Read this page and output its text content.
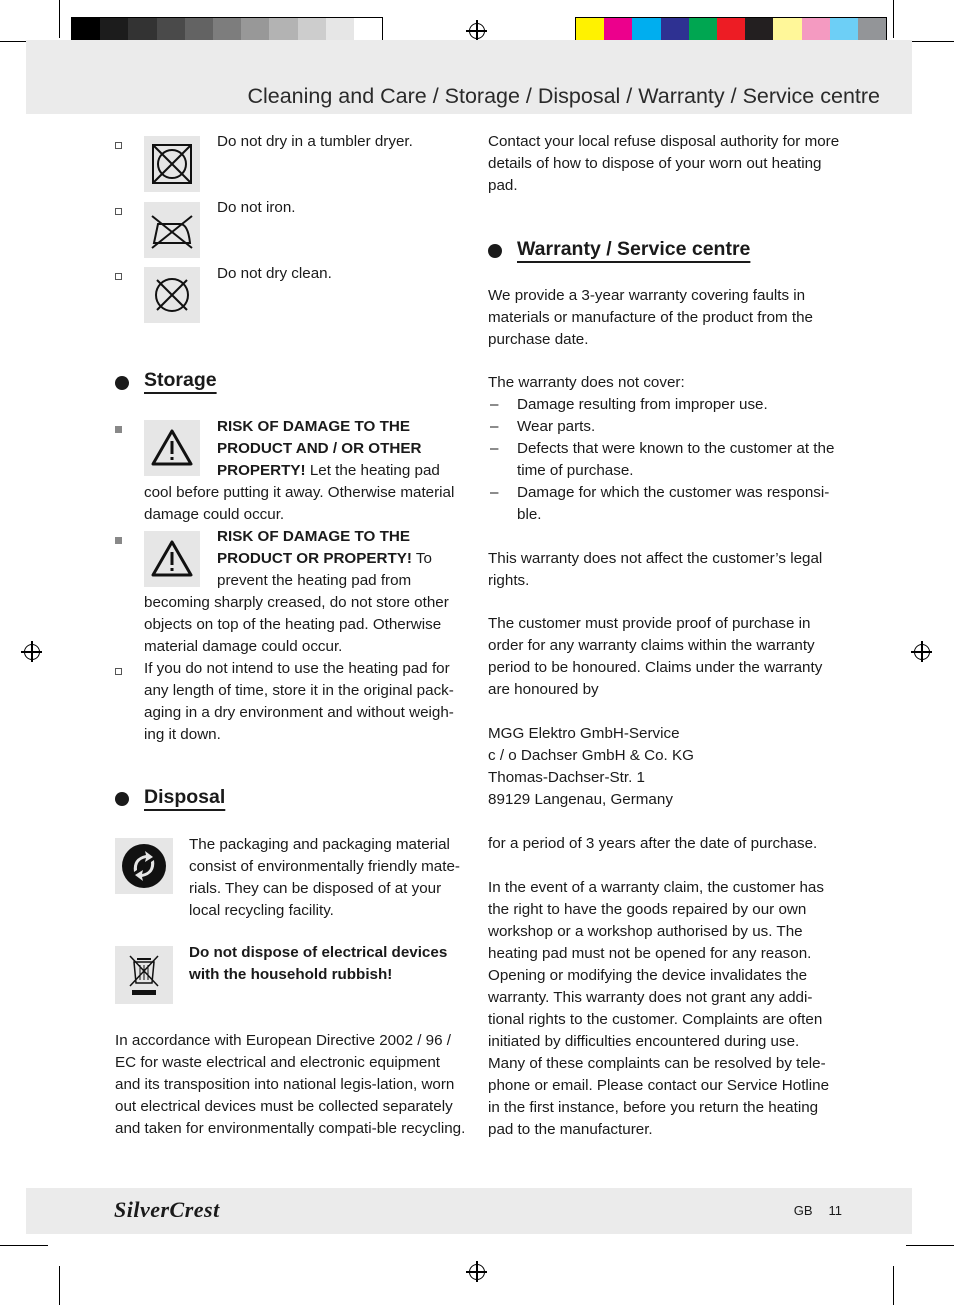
Cleaning and Care / Storage / Disposal / Warranty / Service centre
Do not dry in a tumbler dryer.
Do not iron.
Do not dry clean.
Storage
RISK OF DAMAGE TO THE PRODUCT AND / OR OTHER PROPERTY! Let the heating pad cool before putting it away. Otherwise material damage could occur.
RISK OF DAMAGE TO THE PRODUCT OR PROPERTY! To prevent the heating pad from becoming sharply creased, do not store other objects on top of the heating pad. Otherwise material damage could occur.
If you do not intend to use the heating pad for any length of time, store it in the original pack-aging in a dry environment and without weigh-ing it down.
Disposal
The packaging and packaging material consist of environmentally friendly mate-rials. They can be disposed of at your local recycling facility.
Do not dispose of electrical devices with the household rubbish!
In accordance with European Directive 2002 / 96 / EC for waste electrical and electronic equipment and its transposition into national legis-lation, worn out electrical devices must be collected separately and taken for environmentally compati-ble recycling.
Contact your local refuse disposal authority for more details of how to dispose of your worn out heating pad.
Warranty / Service centre
We provide a 3-year warranty covering faults in materials or manufacture of the product from the purchase date.
The warranty does not cover:
– Damage resulting from improper use.
– Wear parts.
– Defects that were known to the customer at the time of purchase.
– Damage for which the customer was responsi-ble.
This warranty does not affect the customer’s legal rights.
The customer must provide proof of purchase in order for any warranty claims within the warranty period to be honoured. Claims under the warranty are honoured by
MGG Elektro GmbH-Service
c / o Dachser GmbH & Co. KG
Thomas-Dachser-Str. 1
89129 Langenau, Germany
for a period of 3 years after the date of purchase.
In the event of a warranty claim, the customer has the right to have the goods repaired by our own workshop or a workshop authorised by us. The heating pad must not be opened for any reason. Opening or modifying the device invalidates the warranty. This warranty does not grant any addi-tional rights to the customer. Complaints are often initiated by difficulties encountered during use. Many of these complaints can be resolved by tele-phone or email. Please contact our Service Hotline in the first instance, before you return the heating pad to the manufacturer.
SilverCrest	GB 11
